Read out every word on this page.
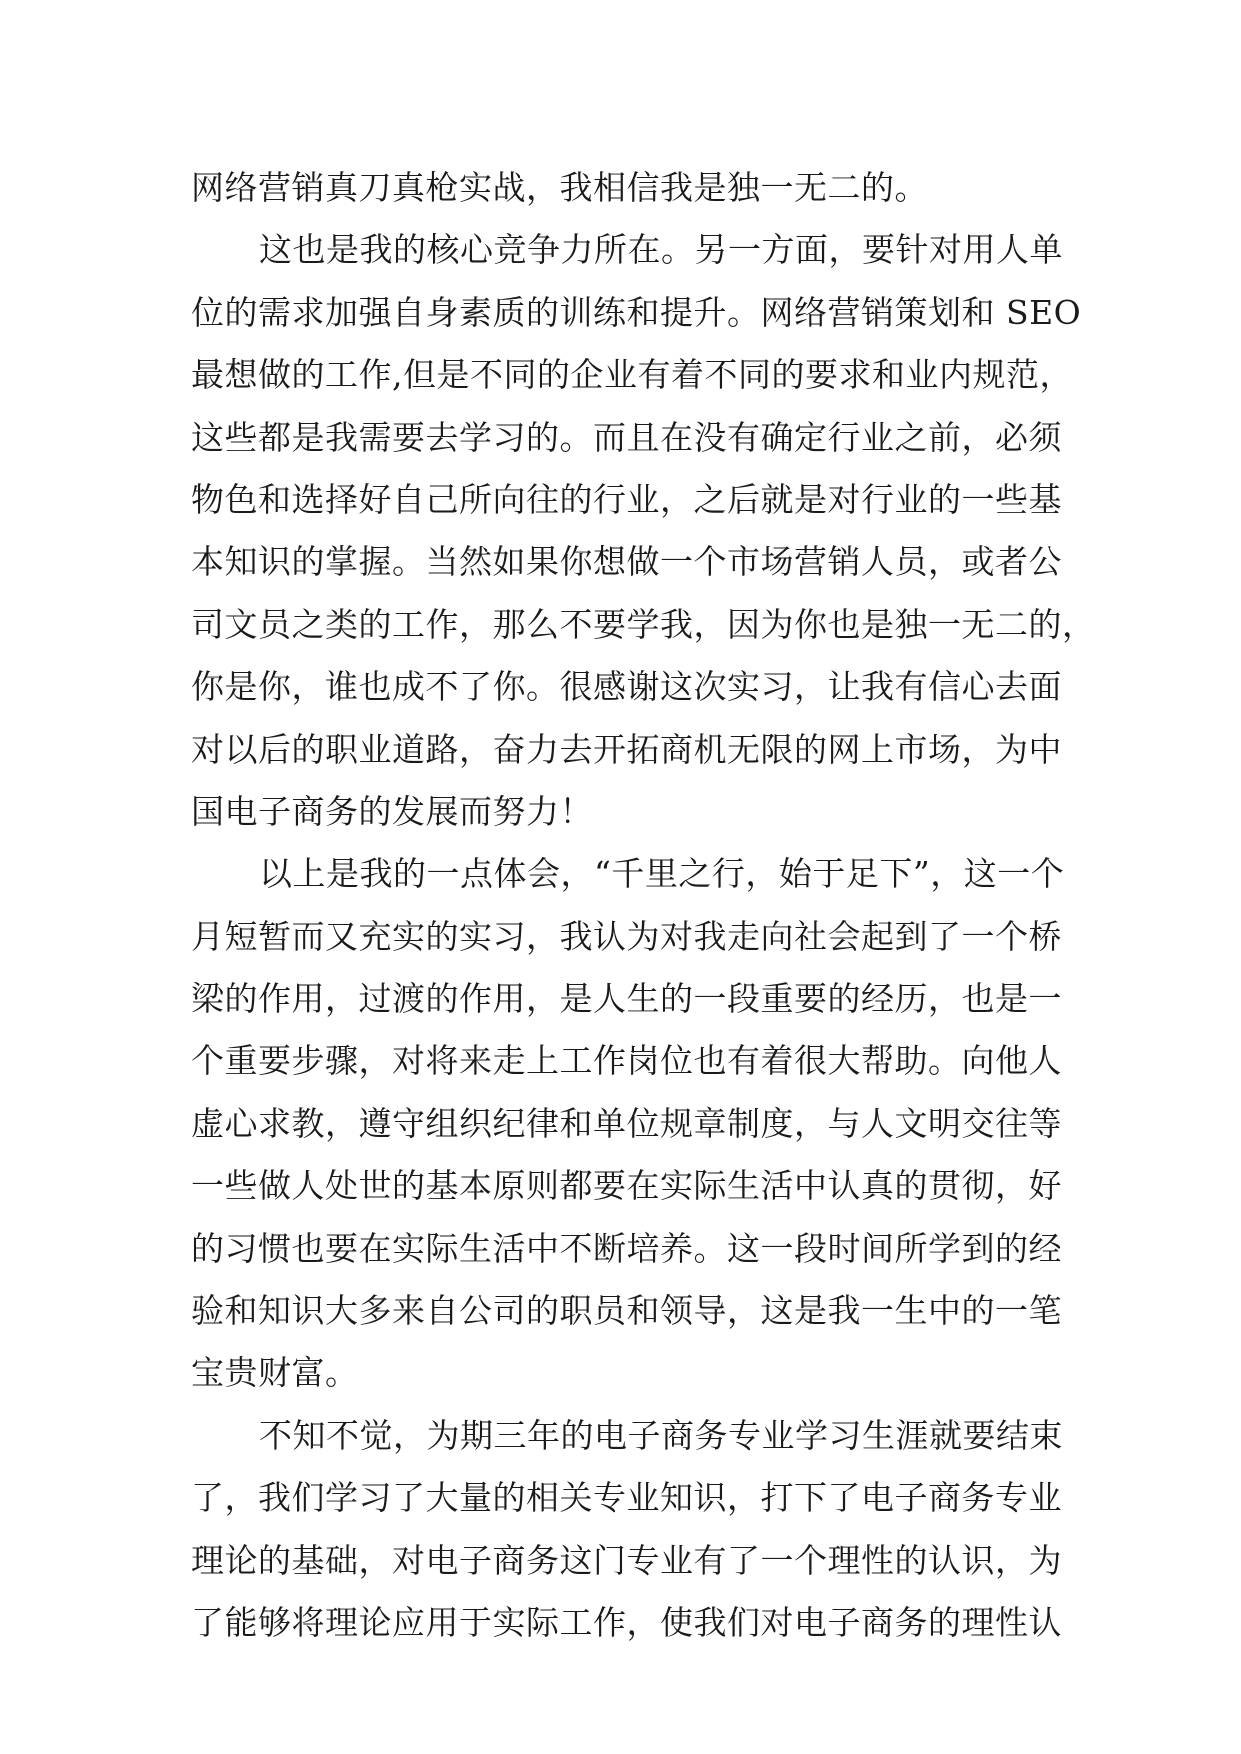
网络营销真刀真枪实战，我相信我是独一无二的。
这也是我的核心竞争力所在。另一方面，要针对用人单
位的需求加强自身素质的训练和提升。网络营销策划和 SEO
最想做的工作,但是不同的企业有着不同的要求和业内规范，
这些都是我需要去学习的。而且在没有确定行业之前，必须
物色和选择好自己所向往的行业，之后就是对行业的一些基
本知识的掌握。当然如果你想做一个市场营销人员，或者公
司文员之类的工作，那么不要学我，因为你也是独一无二的，
你是你，谁也成不了你。很感谢这次实习，让我有信心去面
对以后的职业道路，奋力去开拓商机无限的网上市场，为中
国电子商务的发展而努力！
以上是我的一点体会，“千里之行，始于足下”，这一个
月短暂而又充实的实习，我认为对我走向社会起到了一个桥
梁的作用，过渡的作用，是人生的一段重要的经历，也是一
个重要步骤，对将来走上工作岗位也有着很大帮助。向他人
虚心求教，遵守组织纪律和单位规章制度，与人文明交往等
一些做人处世的基本原则都要在实际生活中认真的贯彻，好
的习惯也要在实际生活中不断培养。这一段时间所学到的经
验和知识大多来自公司的职员和领导，这是我一生中的一笔
宝贵财富。
不知不觉，为期三年的电子商务专业学习生涯就要结束
了，我们学习了大量的相关专业知识，打下了电子商务专业
理论的基础，对电子商务这门专业有了一个理性的认识，为
了能够将理论应用于实际工作，使我们对电子商务的理性认
